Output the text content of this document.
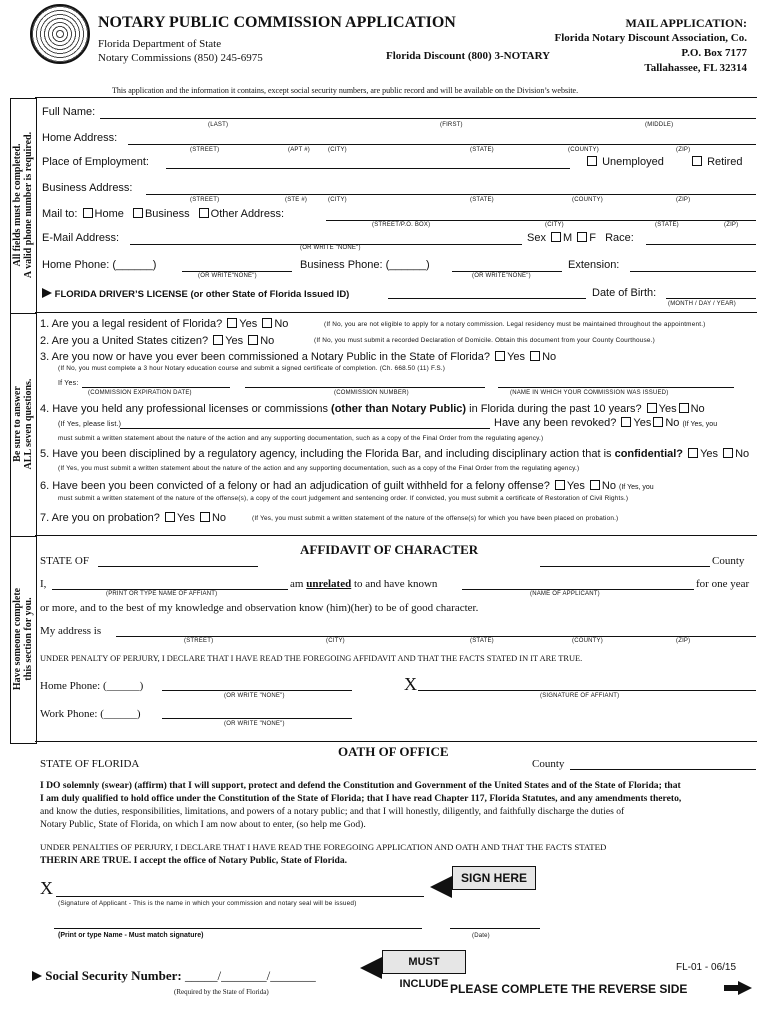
NOTARY PUBLIC COMMISSION APPLICATION
Florida Department of State
Notary Commissions (850) 245-6975	Florida Discount (800) 3-NOTARY
MAIL APPLICATION:
Florida Notary Discount Association, Co.
P.O. Box 7177
Tallahassee, FL 32314
This application and the information it contains, except social security numbers, are public record and will be available on the Division’s website.
All fields must be completed.
A valid phone number is required.
Be sure to answer
ALL seven questions.
Have someone complete
this section for you.
Full Name:
(LAST)	(FIRST)	(MIDDLE)
Home Address:
(STREET)	(APT #)	(CITY)	(STATE)	(COUNTY)	(ZIP)
Place of Employment:	Unemployed	Retired
Business Address:
(STREET)	(STE #)	(CITY)	(STATE)	(COUNTY)	(ZIP)
Mail to: Home Business Other Address:
(STREET/P.O. BOX)	(CITY)	(STATE)	(ZIP)
E-Mail Address:
(OR WRITE "NONE")
Sex M F Race:
Home Phone: (______)
(OR WRITE"NONE")
Business Phone: (______)
(OR WRITE"NONE")
Extension:
FLORIDA DRIVER’S LICENSE (or other State of Florida Issued ID)	Date of Birth:
(MONTH / DAY / YEAR)
1. Are you a legal resident of Florida? Yes No	(If No, you are not eligible to apply for a notary commission. Legal residency must be maintained throughout the appointment.)
2. Are you a United States citizen? Yes No	(If No, you must submit a recorded Declaration of Domicile. Obtain this document from your County Courthouse.)
3. Are you now or have you ever been commissioned a Notary Public in the State of Florida? Yes No
(If No, you must complete a 3 hour Notary education course and submit a signed certificate of completion. (Ch. 668.50 (11) F.S.)
If Yes:
(COMMISSION EXPIRATION DATE)	(COMMISSION NUMBER)	(NAME IN WHICH YOUR COMMISSION WAS ISSUED)
4. Have you held any professional licenses or commissions (other than Notary Public) in Florida during the past 10 years? Yes No
(If Yes, please list.)	Have any been revoked? Yes No (If Yes, you
must submit a written statement about the nature of the action and any supporting documentation, such as a copy of the Final Order from the regulating agency.)
5. Have you been disciplined by a regulatory agency, including the Florida Bar, and including disciplinary action that is confidential? Yes No
(If Yes, you must submit a written statement about the nature of the action and any supporting documentation, such as a copy of the Final Order from the regulating agency.)
6. Have been you been convicted of a felony or had an adjudication of guilt withheld for a felony offense? Yes No (If Yes, you
must submit a written statement of the nature of the offense(s), a copy of the court judgement and sentencing order. If convicted, you must submit a certificate of Restoration of Civil Rights.)
7. Are you on probation? Yes No	(If Yes, you must submit a written statement of the nature of the offense(s) for which you have been placed on probation.)
AFFIDAVIT OF CHARACTER
STATE OF	County
I,	am unrelated to and have known	for one year
(PRINT OR TYPE NAME OF AFFIANT)	(NAME OF APPLICANT)
or more, and to the best of my knowledge and observation know (him)(her) to be of good character.
My address is
(STREET)	(CITY)	(STATE)	(COUNTY)	(ZIP)
UNDER PENALTY OF PERJURY, I DECLARE THAT I HAVE READ THE FOREGOING AFFIDAVIT AND THAT THE FACTS STATED IN IT ARE TRUE.
Home Phone: (______)
(OR WRITE "NONE")
X
(SIGNATURE OF AFFIANT)
Work Phone: (______)
(OR WRITE "NONE")
OATH OF OFFICE
STATE OF FLORIDA	County
I DO solemnly (swear) (affirm) that I will support, protect and defend the Constitution and Government of the United States and of the State of Florida; that
I am duly qualified to hold office under the Constitution of the State of Florida; that I have read Chapter 117, Florida Statutes, and any amendments thereto,
and know the duties, responsibilities, limitations, and powers of a notary public; and that I will honestly, diligently, and faithfully discharge the duties of
Notary Public, State of Florida, on which I am now about to enter, (so help me God).
UNDER PENALTIES OF PERJURY, I DECLARE THAT I HAVE READ THE FOREGOING APPLICATION AND OATH AND THAT THE FACTS STATED
THERIN ARE TRUE. I accept the office of Notary Public, State of Florida.
X	SIGN HERE
(Signature of Applicant - This is the name in which your commission and notary seal will be issued)
(Print or type Name - Must match signature)	(Date)
MUST INCLUDE
Social Security Number: _____/_______/_______
(Required by the State of Florida)
FL-01 - 06/15
PLEASE COMPLETE THE REVERSE SIDE
